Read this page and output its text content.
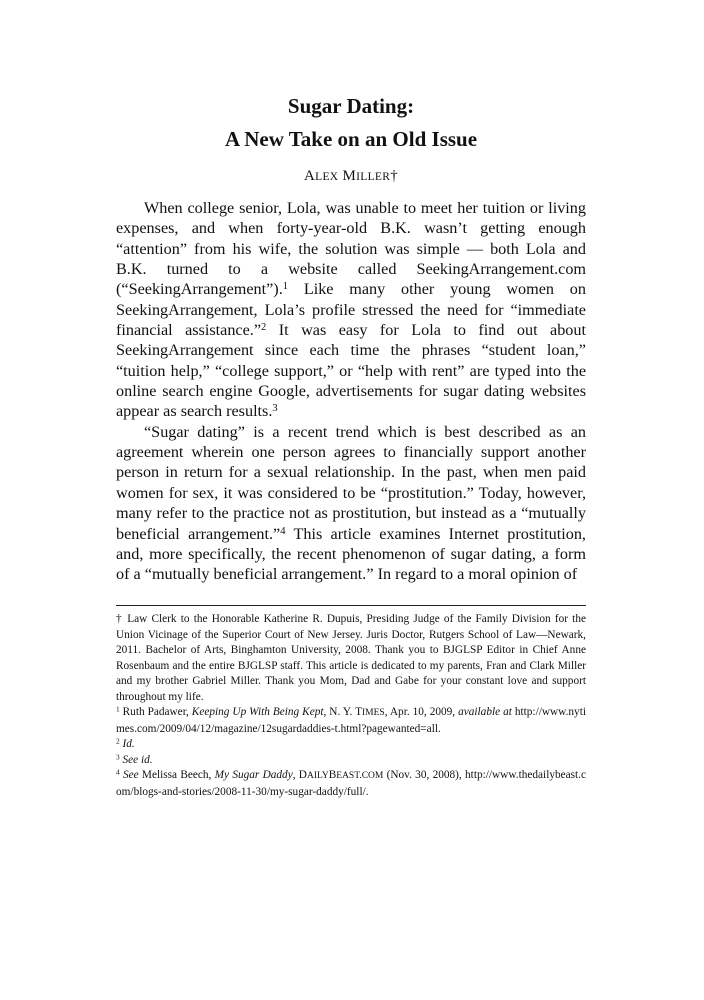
Sugar Dating:
A New Take on an Old Issue
ALEX MILLER†

When college senior, Lola, was unable to meet her tuition or living expenses, and when forty-year-old B.K. wasn’t getting enough “attention” from his wife, the solution was simple — both Lola and B.K. turned to a website called SeekingArrangement.com (“SeekingArrangement”).$^1$ Like many other young women on SeekingArrangement, Lola’s profile stressed the need for “immediate financial assistance.”$^2$ It was easy for Lola to find out about SeekingArrangement since each time the phrases “student loan,” “tuition help,” “college support,” or “help with rent” are typed into the online search engine Google, advertisements for sugar dating websites appear as search results.$^3$

“Sugar dating” is a recent trend which is best described as an agreement wherein one person agrees to financially support another person in return for a sexual relationship. In the past, when men paid women for sex, it was considered to be “prostitution.” Today, however, many refer to the practice not as prostitution, but instead as a “mutually beneficial arrangement.”$^4$ This article examines Internet prostitution, and, more specifically, the recent phenomenon of sugar dating, a form of a “mutually beneficial arrangement.” In regard to a moral opinion of

† Law Clerk to the Honorable Katherine R. Dupuis, Presiding Judge of the Family Division for the Union Vicinage of the Superior Court of New Jersey. Juris Doctor, Rutgers School of Law—Newark, 2011. Bachelor of Arts, Binghamton University, 2008. Thank you to BJGLSP Editor in Chief Anne Rosenbaum and the entire BJGLSP staff. This article is dedicated to my parents, Fran and Clark Miller and my brother Gabriel Miller. Thank you Mom, Dad and Gabe for your constant love and support throughout my life.

$^1$ Ruth Padawer, Keeping Up With Being Kept, N. Y. TIMES, Apr. 10, 2009, available at http://www.nytimes.com/2009/04/12/magazine/12sugardaddies-t.html?pagewanted=all.

$^2$ Id.

$^3$ See id.

$^4$ See Melissa Beech, My Sugar Daddy, DAILYBEAST.COM (Nov. 30, 2008), http://www.thedailybeast.com/blogs-and-stories/2008-11-30/my-sugar-daddy/full/.
